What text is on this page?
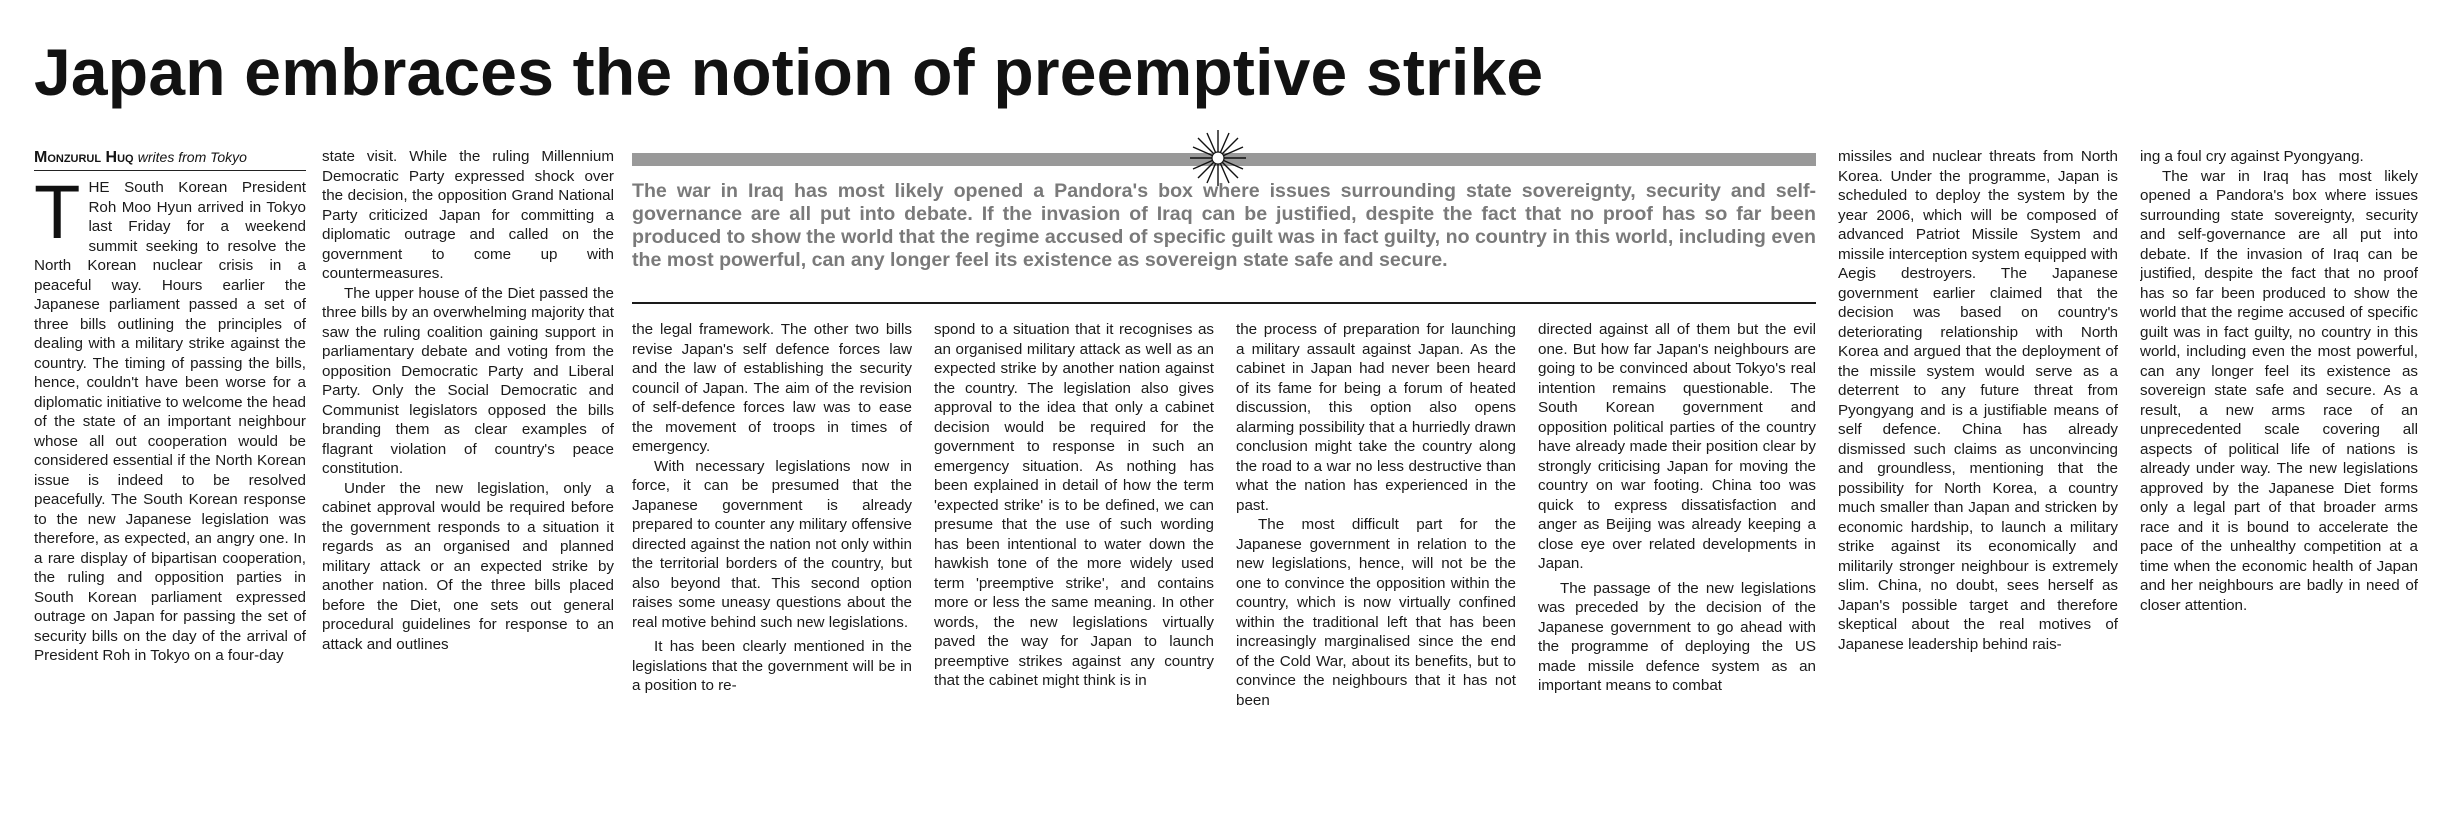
Japan embraces the notion of preemptive strike
Monzurul Huq writes from Tokyo

THE South Korean President Roh Moo Hyun arrived in Tokyo last Friday for a weekend summit seeking to resolve the North Korean nuclear crisis in a peaceful way. Hours earlier the Japanese parliament passed a set of three bills outlining the principles of dealing with a military strike against the country. The timing of passing the bills, hence, couldn't have been worse for a diplomatic initiative to welcome the head of the state of an important neighbour whose all out cooperation would be considered essential if the North Korean issue is indeed to be resolved peacefully. The South Korean response to the new Japanese legislation was therefore, as expected, an angry one. In a rare display of bipartisan cooperation, the ruling and opposition parties in South Korean parliament expressed outrage on Japan for passing the set of security bills on the day of the arrival of President Roh in Tokyo on a four-day

state visit. While the ruling Millennium Democratic Party expressed shock over the decision, the opposition Grand National Party criticized Japan for committing a diplomatic outrage and called on the government to come up with countermeasures.

The upper house of the Diet passed the three bills by an overwhelming majority that saw the ruling coalition gaining support in parliamentary debate and voting from the opposition Democratic Party and Liberal Party. Only the Social Democratic and Communist legislators opposed the bills branding them as clear examples of flagrant violation of country's peace constitution.

Under the new legislation, only a cabinet approval would be required before the government responds to a situation it regards as an organised and planned military attack or an expected strike by another nation. Of the three bills placed before the Diet, one sets out general procedural guidelines for response to an attack and outlines

The war in Iraq has most likely opened a Pandora's box where issues surrounding state sovereignty, security and self-governance are all put into debate. If the invasion of Iraq can be justified, despite the fact that no proof has so far been produced to show the world that the regime accused of specific guilt was in fact guilty, no country in this world, including even the most powerful, can any longer feel its existence as sovereign state safe and secure.

the legal framework. The other two bills revise Japan's self defence forces law and the law of establishing the security council of Japan. The aim of the revision of self-defence forces law was to ease the movement of troops in times of emergency.

With necessary legislations now in force, it can be presumed that the Japanese government is already prepared to counter any military offensive directed against the nation not only within the territorial borders of the country, but also beyond that. This second option raises some uneasy questions about the real motive behind such new legislations.

It has been clearly mentioned in the legislations that the government will be in a position to re-

spond to a situation that it recognises as an organised military attack as well as an expected strike by another nation against the country. The legislation also gives approval to the idea that only a cabinet decision would be required for the government to response in such an emergency situation. As nothing has been explained in detail of how the term 'expected strike' is to be defined, we can presume that the use of such wording has been intentional to water down the hawkish tone of the more widely used term 'preemptive strike', and contains more or less the same meaning. In other words, the new legislations virtually paved the way for Japan to launch preemptive strikes against any country that the cabinet might think is in

the process of preparation for launching a military assault against Japan. As the cabinet in Japan had never been heard of its fame for being a forum of heated discussion, this option also opens alarming possibility that a hurriedly drawn conclusion might take the country along the road to a war no less destructive than what the nation has experienced in the past.

The most difficult part for the Japanese government in relation to the new legislations, hence, will not be the one to convince the opposition within the country, which is now virtually confined within the traditional left that has been increasingly marginalised since the end of the Cold War, about its benefits, but to convince the neighbours that it has not been

directed against all of them but the evil one. But how far Japan's neighbours are going to be convinced about Tokyo's real intention remains questionable. The South Korean government and opposition political parties of the country have already made their position clear by strongly criticising Japan for moving the country on war footing. China too was quick to express dissatisfaction and anger as Beijing was already keeping a close eye over related developments in Japan.

The passage of the new legislations was preceded by the decision of the Japanese government to go ahead with the programme of deploying the US made missile defence system as an important means to combat

missiles and nuclear threats from North Korea. Under the programme, Japan is scheduled to deploy the system by the year 2006, which will be composed of advanced Patriot Missile System and missile interception system equipped with Aegis destroyers. The Japanese government earlier claimed that the decision was based on country's deteriorating relationship with North Korea and argued that the deployment of the missile system would serve as a deterrent to any future threat from Pyongyang and is a justifiable means of self defence. China has already dismissed such claims as unconvincing and groundless, mentioning that the possibility for North Korea, a country much smaller than Japan and stricken by economic hardship, to launch a military strike against its economically and militarily stronger neighbour is extremely slim. China, no doubt, sees herself as Japan's possible target and therefore skeptical about the real motives of Japanese leadership behind rais-

ing a foul cry against Pyongyang.

The war in Iraq has most likely opened a Pandora's box where issues surrounding state sovereignty, security and self-governance are all put into debate. If the invasion of Iraq can be justified, despite the fact that no proof has so far been produced to show the world that the regime accused of specific guilt was in fact guilty, no country in this world, including even the most powerful, can any longer feel its existence as sovereign state safe and secure. As a result, a new arms race of an unprecedented scale covering all aspects of political life of nations is already under way. The new legislations approved by the Japanese Diet forms only a legal part of that broader arms race and it is bound to accelerate the pace of the unhealthy competition at a time when the economic health of Japan and her neighbours are badly in need of closer attention.
